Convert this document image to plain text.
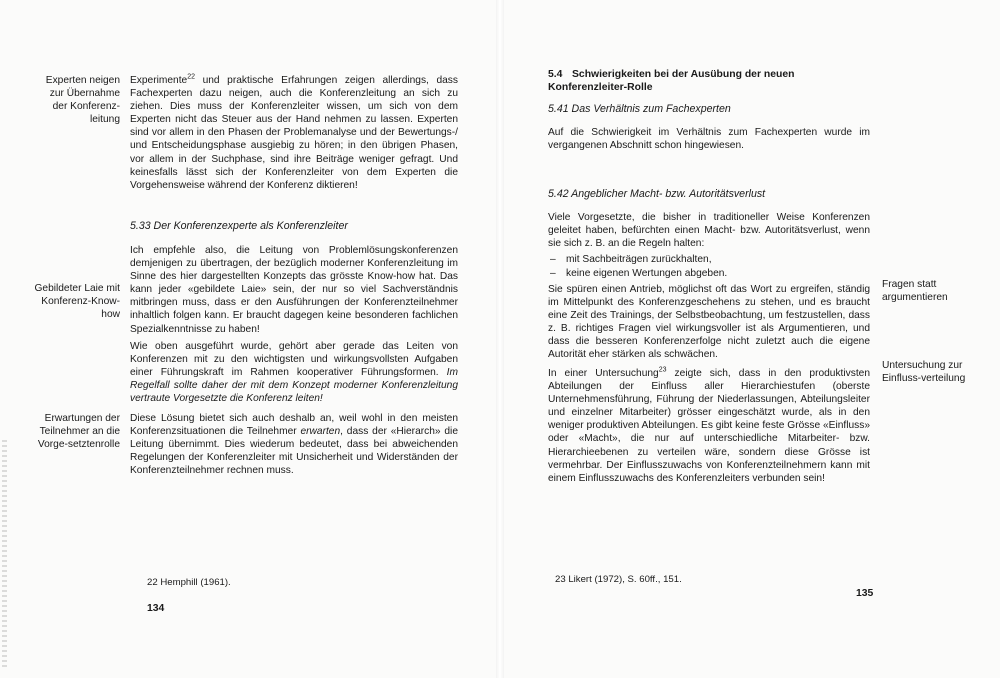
Experten neigen zur Übernahme der Konferenz-leitung

Experimente$^{22}$ und praktische Erfahrungen zeigen allerdings, dass Fachexperten dazu neigen, auch die Konferenzleitung an sich zu ziehen. Dies muss der Konferenzleiter wissen, um sich von dem Experten nicht das Steuer aus der Hand nehmen zu lassen. Experten sind vor allem in den Phasen der Problemanalyse und der Bewertungs-/ und Entscheidungsphase ausgiebig zu hören; in den übrigen Phasen, vor allem in der Suchphase, sind ihre Beiträge weniger gefragt. Und keinesfalls lässt sich der Konferenzleiter von dem Experten die Vorgehensweise während der Konferenz diktieren!

5.33 Der Konferenzexperte als Konferenzleiter

Ich empfehle also, die Leitung von Problemlösungskonferenzen demjenigen zu übertragen, der bezüglich moderner Konferenzleitung im Sinne des hier dargestellten Konzepts das grösste Know-how hat. Das kann jeder «gebildete Laie» sein, der nur so viel Sachverständnis mitbringen muss, dass er den Ausführungen der Konferenzteilnehmer inhaltlich folgen kann. Er braucht dagegen keine besonderen fachlichen Spezialkenntnisse zu haben!

Gebildeter Laie mit Konferenz-Know-how

Wie oben ausgeführt wurde, gehört aber gerade das Leiten von Konferenzen mit zu den wichtigsten und wirkungsvollsten Aufgaben einer Führungskraft im Rahmen kooperativer Führungsformen. Im Regelfall sollte daher der mit dem Konzept moderner Konferenzleitung vertraute Vorgesetzte die Konferenz leiten!

Erwartungen der Teilnehmer an die Vorge-setztenrolle

Diese Lösung bietet sich auch deshalb an, weil wohl in den meisten Konferenzsituationen die Teilnehmer erwarten, dass der «Hierarch» die Leitung übernimmt. Dies wiederum bedeutet, dass bei abweichenden Regelungen der Konferenzleiter mit Unsicherheit und Widerständen der Konferenzteilnehmer rechnen muss.

22 Hemphill (1961).
134

5.4 Schwierigkeiten bei der Ausübung der neuen Konferenzleiter-Rolle

5.41 Das Verhältnis zum Fachexperten

Auf die Schwierigkeit im Verhältnis zum Fachexperten wurde im vergangenen Abschnitt schon hingewiesen.

5.42 Angeblicher Macht- bzw. Autoritätsverlust

Viele Vorgesetzte, die bisher in traditioneller Weise Konferenzen geleitet haben, befürchten einen Macht- bzw. Autoritätsverlust, wenn sie sich z. B. an die Regeln halten:

– mit Sachbeiträgen zurückhalten,
– keine eigenen Wertungen abgeben.

Sie spüren einen Antrieb, möglichst oft das Wort zu ergreifen, ständig im Mittelpunkt des Konferenzgeschehens zu stehen, und es braucht eine Zeit des Trainings, der Selbstbeobachtung, um festzustellen, dass z. B. richtiges Fragen viel wirkungsvoller ist als Argumentieren, und dass die besseren Konferenzerfolge nicht zuletzt auch die eigene Autorität eher stärken als schwächen.

Fragen statt argumentieren

In einer Untersuchung$^{23}$ zeigte sich, dass in den produktivsten Abteilungen der Einfluss aller Hierarchiestufen (oberste Unternehmensführung, Führung der Niederlassungen, Abteilungsleiter und einzelner Mitarbeiter) grösser eingeschätzt wurde, als in den weniger produktiven Abteilungen. Es gibt keine feste Grösse «Einfluss» oder «Macht», die nur auf unterschiedliche Mitarbeiter- bzw. Hierarchieebenen zu verteilen wäre, sondern diese Grösse ist vermehrbar. Der Einflusszuwachs von Konferenzteilnehmern kann mit einem Einflusszuwachs des Konferenzleiters verbunden sein!

Untersuchung zur Einfluss-verteilung

23 Likert (1972), S. 60ff., 151.
135
